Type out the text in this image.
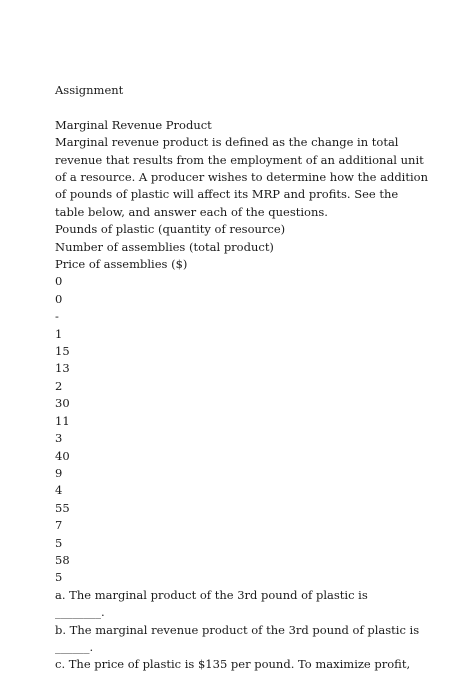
Assignment
Marginal Revenue Product
Marginal revenue product is defined as the change in total
revenue that results from the employment of an additional unit
of a resource. A producer wishes to determine how the addition
of pounds of plastic will affect its MRP and profits. See the
table below, and answer each of the questions.
Pounds of plastic (quantity of resource)
Number of assemblies (total product)
Price of assemblies ($)
0
0
-
1
15
13
2
30
11
3
40
9
4
55
7
5
58
5
a. The marginal product of the 3rd pound of plastic is
________.
b. The marginal revenue product of the 3rd pound of plastic is
______.
c. The price of plastic is $135 per pound. To maximize profit,
